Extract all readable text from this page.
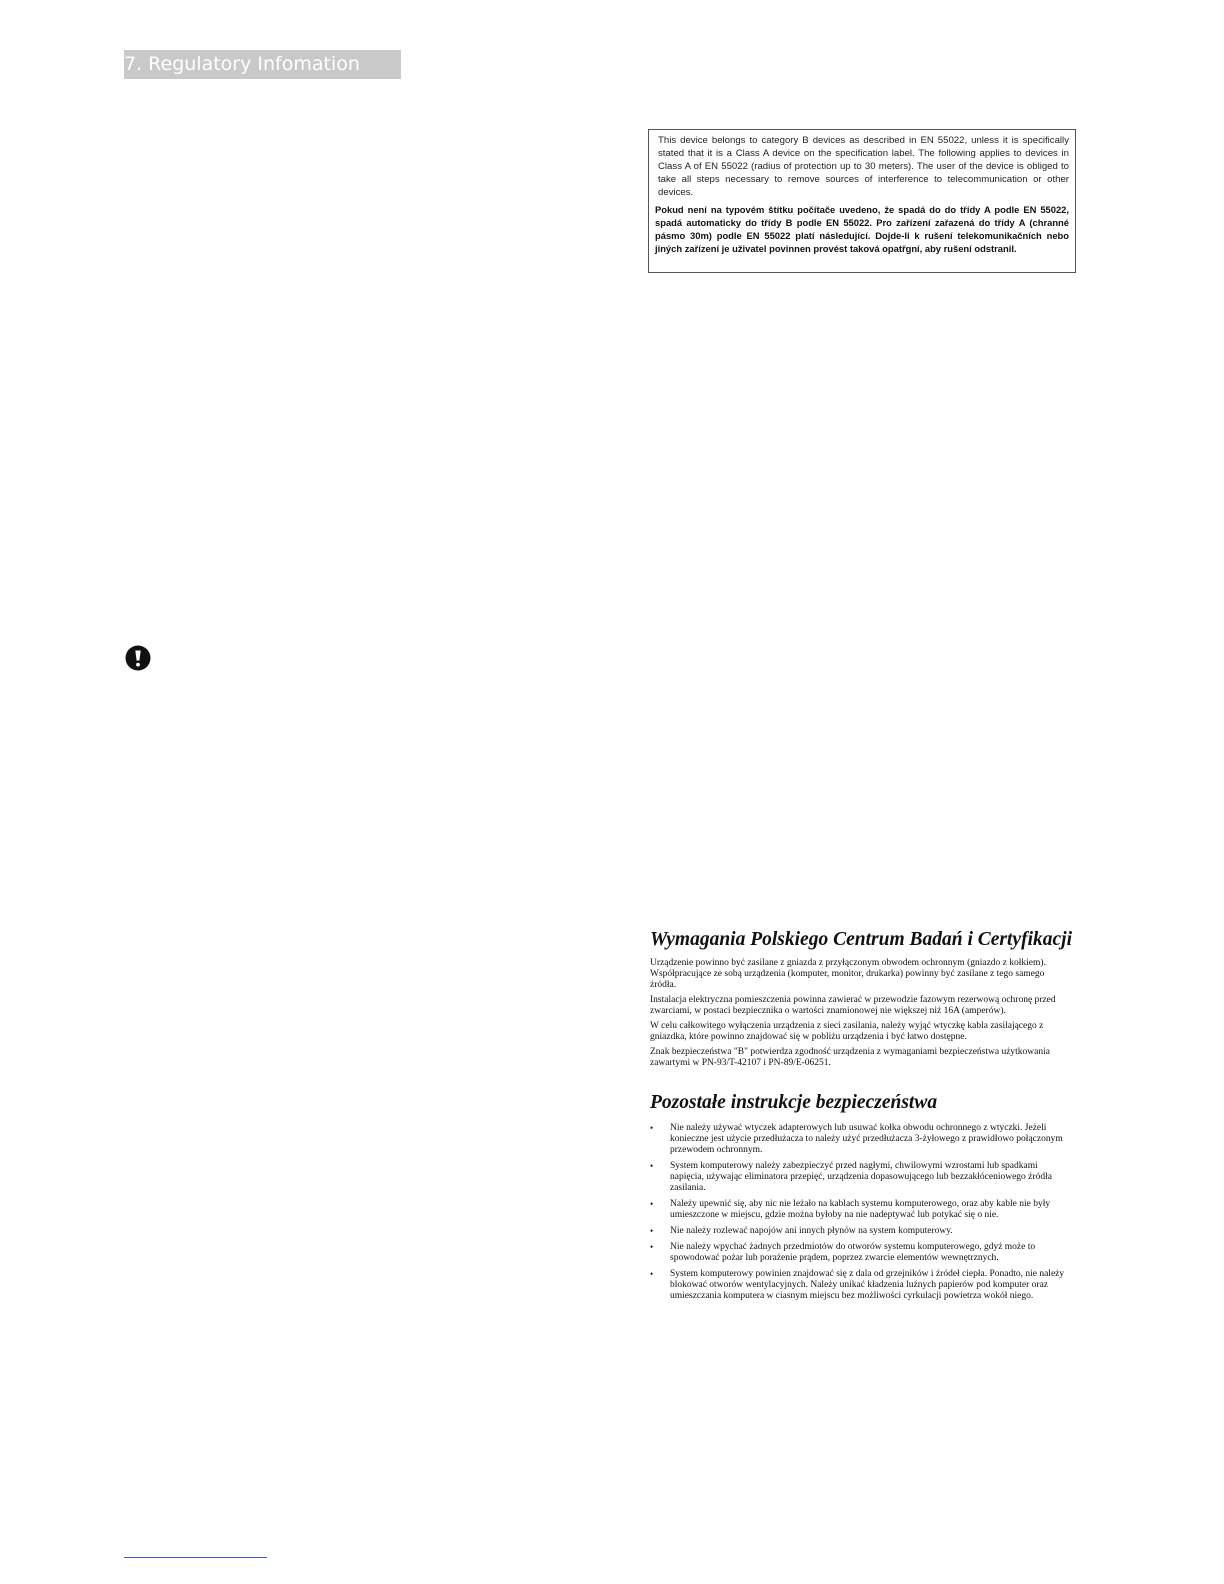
7. Regulatory Infomation

This device belongs to category B devices as described in EN 55022, unless it is specifically stated that it is a Class A device on the specification label. The following applies to devices in Class A of EN 55022 (radius of protection up to 30 meters). The user of the device is obliged to take all steps necessary to remove sources of interference to telecommunication or other devices.

Pokud není na typovém štítku počítače uvedeno, že spadá do do třídy A podle EN 55022, spadá automaticky do třídy B podle EN 55022. Pro zařízení zařazená do třídy A (chranné pásmo 30m) podle EN 55022 platí následující. Dojde-li k rušení telekomunikačních nebo jiných zařízení je uživatel povinnen provést taková opatřgní, aby rušení odstranil.

Wymagania Polskiego Centrum Badań i Certyfikacji

Urządzenie powinno być zasilane z gniazda z przyłączonym obwodem ochronnym (gniazdo z kołkiem). Współpracujące ze sobą urządzenia (komputer, monitor, drukarka) powinny być zasilane z tego samego źródła.

Instalacja elektryczna pomieszczenia powinna zawierać w przewodzie fazowym rezerwową ochronę przed zwarciami, w postaci bezpiecznika o wartości znamionowej nie większej niż 16A (amperów).

W celu całkowitego wyłączenia urządzenia z sieci zasilania, należy wyjąć wtyczkę kabla zasilającego z gniazdka, które powinno znajdować się w pobliżu urządzenia i być łatwo dostępne.

Znak bezpieczeństwa "B" potwierdza zgodność urządzenia z wymaganiami bezpieczeństwa użytkowania zawartymi w PN-93/T-42107 i PN-89/E-06251.

Pozostałe instrukcje bezpieczeństwa
• Nie należy używać wtyczek adapterowych lub usuwać kołka obwodu ochronnego z wtyczki. Jeżeli konieczne jest użycie przedłużacza to należy użyć przedłużacza 3-żyłowego z prawidłowo połączonym przewodem ochronnym.
• System komputerowy należy zabezpieczyć przed nagłymi, chwilowymi wzrostami lub spadkami napięcia, używając eliminatora przepięć, urządzenia dopasowującego lub bezzakłóceniowego źródła zasilania.
• Należy upewnić się, aby nic nie leżało na kablach systemu komputerowego, oraz aby kable nie były umieszczone w miejscu, gdzie można byłoby na nie nadeptywać lub potykać się o nie.
• Nie należy rozlewać napojów ani innych płynów na system komputerowy.
• Nie należy wpychać żadnych przedmiotów do otworów systemu komputerowego, gdyż może to spowodować pożar lub porażenie prądem, poprzez zwarcie elementów wewnętrznych.
• System komputerowy powinien znajdować się z dala od grzejników i źródeł ciepła. Ponadto, nie należy blokować otworów wentylacyjnych. Należy unikać kładzenia luźnych papierów pod komputer oraz umieszczania komputera w ciasnym miejscu bez możliwości cyrkulacji powietrza wokół niego.
